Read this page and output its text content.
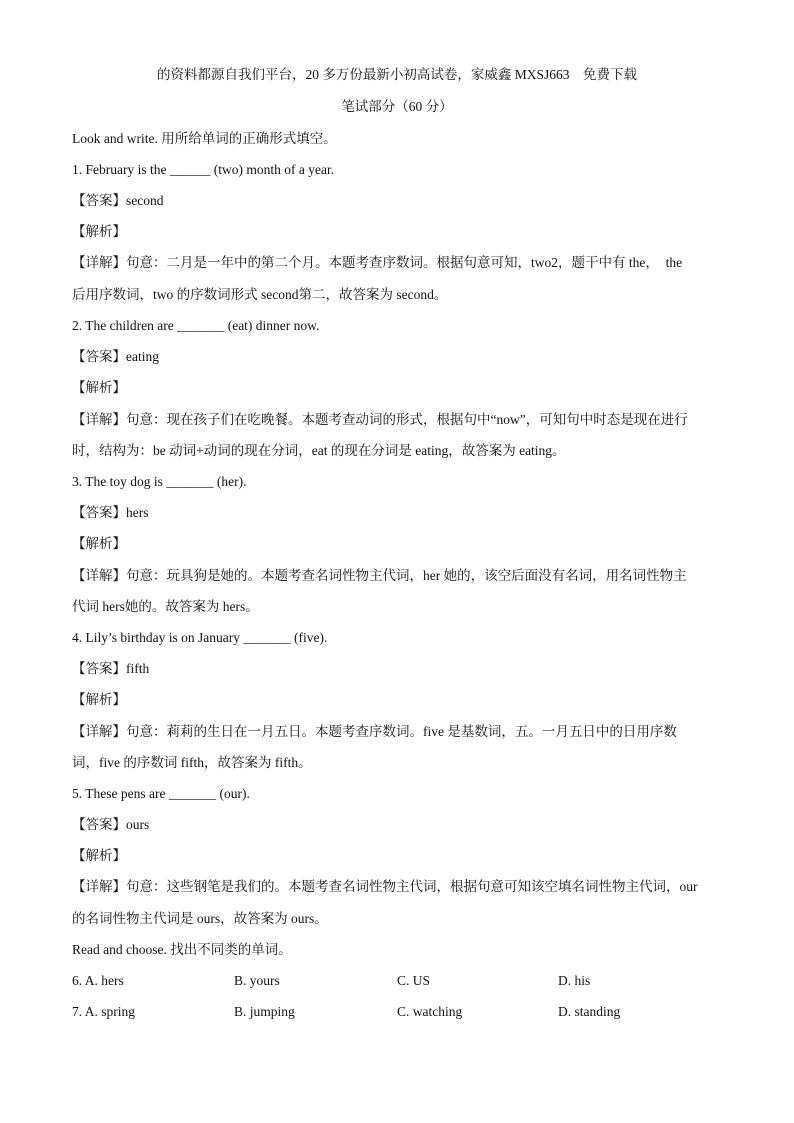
的资料都源自我们平台，20 多万份最新小初高试卷，家威鑫 MXSJ663　免费下载
笔试部分（60 分）
Look and write. 用所给单词的正确形式填空。
1. February is the ______ (two) month of a year.
【答案】second
【解析】
【详解】句意：二月是一年中的第二个月。本题考查序数词。根据句意可知，two2，题干中有 the，　the
后用序数词，two 的序数词形式 second第二，故答案为 second。
2. The children are _______ (eat) dinner now.
【答案】eating
【解析】
【详解】句意：现在孩子们在吃晚餐。本题考查动词的形式，根据句中“now”，可知句中时态是现在进行
时，结构为：be 动词+动词的现在分词，eat 的现在分词是 eating，故答案为 eating。
3. The toy dog is _______ (her).
【答案】hers
【解析】
【详解】句意：玩具狗是她的。本题考查名词性物主代词，her 她的，该空后面没有名词，用名词性物主
代词 hers她的。故答案为 hers。
4. Lily’s birthday is on January _______ (five).
【答案】fifth
【解析】
【详解】句意：莉莉的生日在一月五日。本题考查序数词。five 是基数词，五。一月五日中的日用序数
词，five 的序数词 fifth，故答案为 fifth。
5. These pens are _______ (our).
【答案】ours
【解析】
【详解】句意：这些钢笔是我们的。本题考查名词性物主代词，根据句意可知该空填名词性物主代词，our
的名词性物主代词是 ours，故答案为 ours。
Read and choose. 找出不同类的单词。
6. A. hers	B. yours	C. US	D. his
7. A. spring	B. jumping	C. watching	D. standing
